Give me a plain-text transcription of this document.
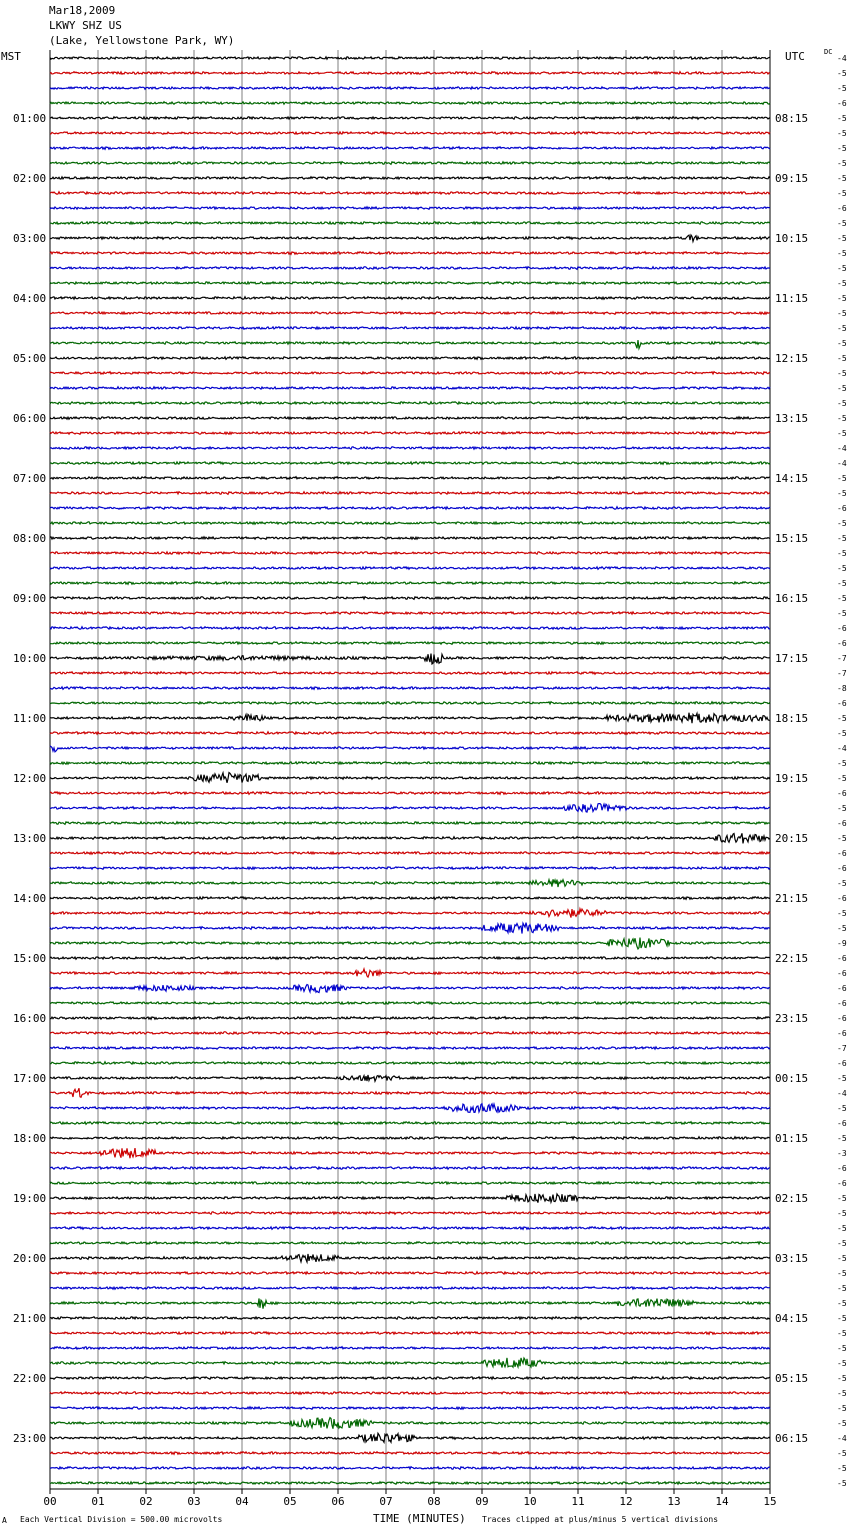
00	01	02	03	04	05	06	07	08	09	10	11	12	13	14	15
-4
-5
-5
-6
-5
-5
-5
-5
-5
-5
-6
-5
-5
-5
-5
-5
-5
-5
-5
-5
-5
-5
-5
-5
-5
-5
-4
-4
-5
-5
-6
-5
-5
-5
-5
-5
-5
-5
-6
-6
-7
-7
-8
-6
-5
-5
-4
-5
-5
-6
-5
-6
-5
-6
-6
-5
-6
-5
-5
-9
-6
-6
-6
-6
-6
-6
-7
-6
-5
-4
-5
-6
-5
-3
-6
-6
-5
-5
-5
-5
-5
-5
-5
-5
-5
-5
-5
-5
-5
-5
-5
-5
-4
-5
-5
-5
01:00
02:00
03:00
04:00
05:00
06:00
07:00
08:00
09:00
10:00
11:00
12:00
13:00
14:00
15:00
16:00
17:00
18:00
19:00
20:00
21:00
22:00
23:00
08:15
09:15
10:15
11:15
12:15
13:15
14:15
15:15
16:15
17:15
18:15
19:15
20:15
21:15
22:15
23:15
00:15
01:15
02:15
03:15
04:15
05:15
06:15
Mar18,2009
LKWY SHZ US
(Lake, Yellowstone Park, WY)
MST	UTC	DC
A Each Vertical Division = 500.00 microvolts	TIME (MINUTES) Traces clipped at plus/minus 5 vertical divisions
